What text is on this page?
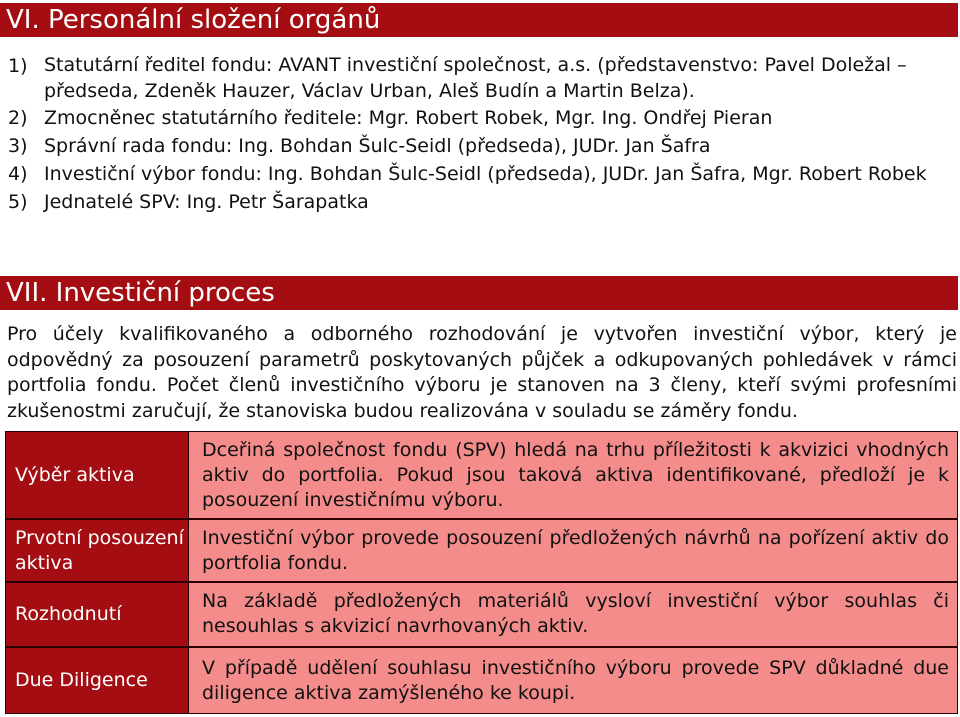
VI. Personální složení orgánů
1) Statutární ředitel fondu: AVANT investiční společnost, a.s. (představenstvo: Pavel Doležal – předseda, Zdeněk Hauzer, Václav Urban, Aleš Budín a Martin Belza).
2) Zmocněnec statutárního ředitele: Mgr. Robert Robek, Mgr. Ing. Ondřej Pieran
3) Správní rada fondu: Ing. Bohdan Šulc-Seidl (předseda), JUDr. Jan Šafra
4) Investiční výbor fondu: Ing. Bohdan Šulc-Seidl (předseda), JUDr. Jan Šafra, Mgr. Robert Robek
5) Jednatelé SPV: Ing. Petr Šarapatka
VII. Investiční proces
Pro účely kvalifikovaného a odborného rozhodování je vytvořen investiční výbor, který je odpovědný za posouzení parametrů poskytovaných půjček a odkupovaných pohledávek v rámci portfolia fondu. Počet členů investičního výboru je stanoven na 3 členy, kteří svými profesními zkušenostmi zaručují, že stanoviska budou realizována v souladu se záměry fondu.
Výběr aktiva
Dceřiná společnost fondu (SPV) hledá na trhu příležitosti k akvizici vhodných aktiv do portfolia. Pokud jsou taková aktiva identifikované, předloží je k posouzení investičnímu výboru.
Prvotní posouzení aktiva
Investiční výbor provede posouzení předložených návrhů na pořízení aktiv do portfolia fondu.
Rozhodnutí
Na základě předložených materiálů vysloví investiční výbor souhlas či nesouhlas s akvizicí navrhovaných aktiv.
Due Diligence
V případě udělení souhlasu investičního výboru provede SPV důkladné due diligence aktiva zamýšleného ke koupi.
